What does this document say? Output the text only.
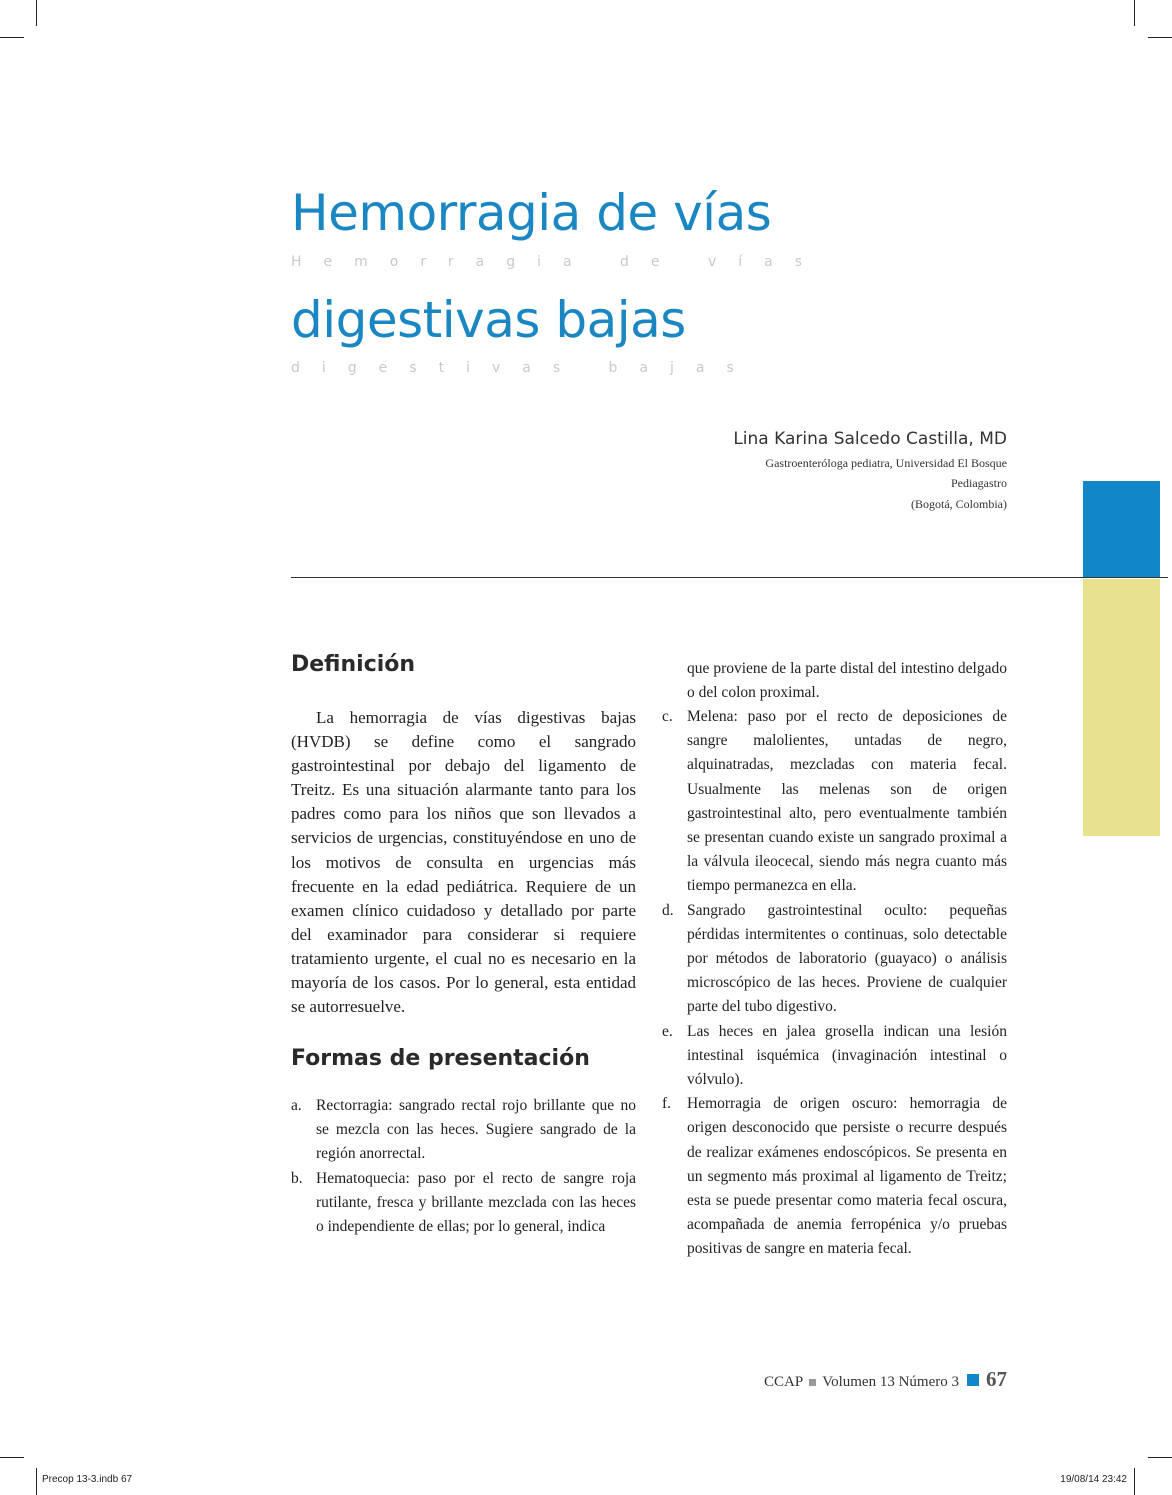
Hemorragia de vías
Hemorragia de vías
digestivas bajas
digestivas bajas
Lina Karina Salcedo Castilla, MD
Gastroenteróloga pediatra, Universidad El Bosque
Pediagastro
(Bogotá, Colombia)
Definición

La hemorragia de vías digestivas bajas (HVDB) se define como el sangrado gastrointestinal por debajo del ligamento de Treitz. Es una situación alarmante tanto para los padres como para los niños que son llevados a servicios de urgencias, constituyéndose en uno de los motivos de consulta en urgencias más frecuente en la edad pediátrica. Requiere de un examen clínico cuidadoso y detallado por parte del examinador para considerar si requiere tratamiento urgente, el cual no es necesario en la mayoría de los casos. Por lo general, esta entidad se autorresuelve.

Formas de presentación
a. Rectorragia: sangrado rectal rojo brillante que no se mezcla con las heces. Sugiere sangrado de la región anorrectal.
b. Hematoquecia: paso por el recto de sangre roja rutilante, fresca y brillante mezclada con las heces o independiente de ellas; por lo general, indica

que proviene de la parte distal del intestino delgado o del colon proximal.

c. Melena: paso por el recto de deposiciones de sangre malolientes, untadas de negro, alquinatradas, mezcladas con materia fecal. Usualmente las melenas son de origen gastrointestinal alto, pero eventualmente también se presentan cuando existe un sangrado proximal a la válvula ileocecal, siendo más negra cuanto más tiempo permanezca en ella.
d. Sangrado gastrointestinal oculto: pequeñas pérdidas intermitentes o continuas, solo detectable por métodos de laboratorio (guayaco) o análisis microscópico de las heces. Proviene de cualquier parte del tubo digestivo.
e. Las heces en jalea grosella indican una lesión intestinal isquémica (invaginación intestinal o vólvulo).
f. Hemorragia de origen oscuro: hemorragia de origen desconocido que persiste o recurre después de realizar exámenes endoscópicos. Se presenta en un segmento más proximal al ligamento de Treitz; esta se puede presentar como materia fecal oscura, acompañada de anemia ferropénica y/o pruebas positivas de sangre en materia fecal.
CCAP Volumen 13 Número 3 67
Precop 13-3.indb 67	19/08/14 23:42
